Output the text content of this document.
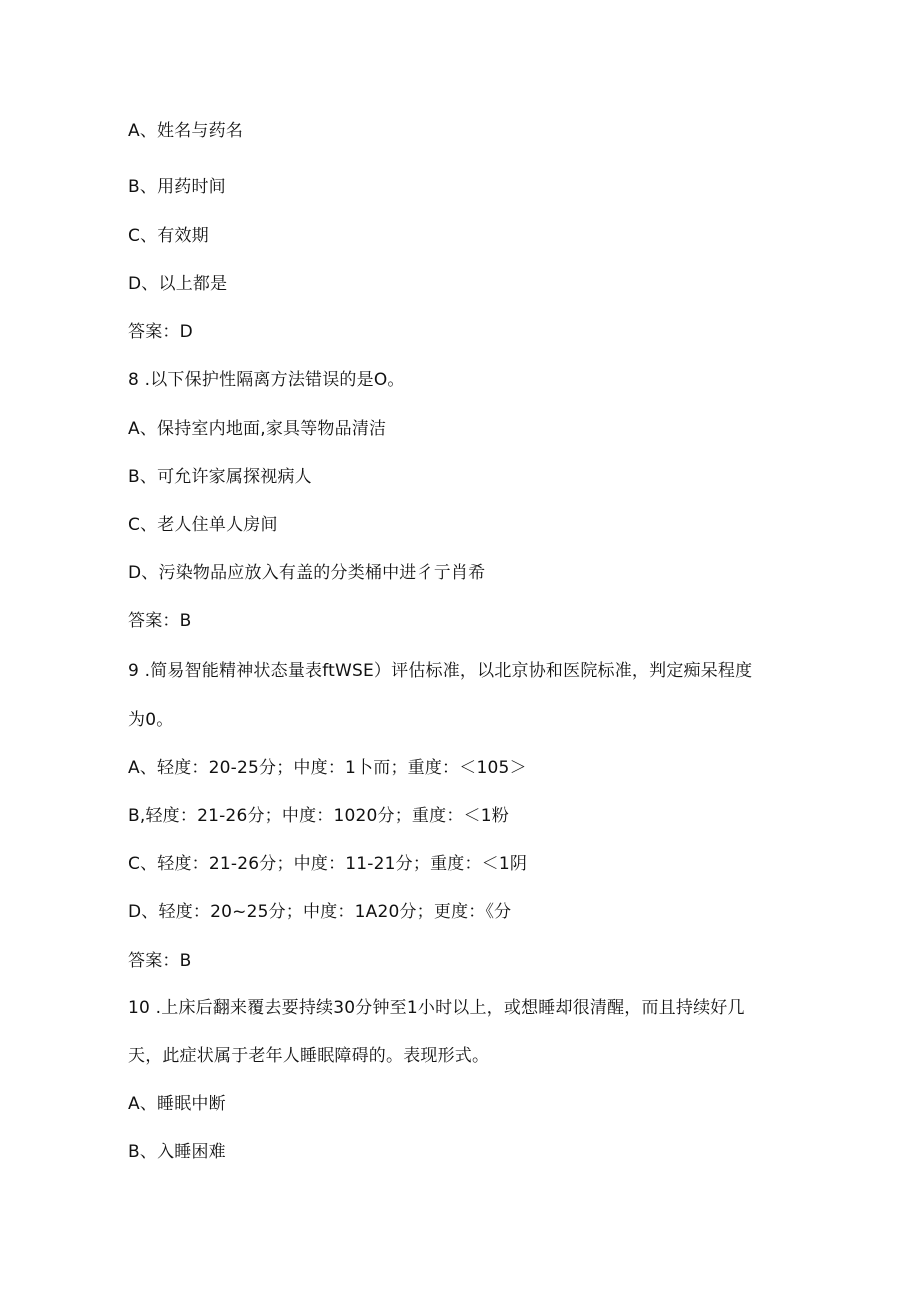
A、姓名与药名
B、用药时间
C、有效期
D、以上都是
答案：D
8 .以下保护性隔离方法错误的是O。
A、保持室内地面,家具等物品清洁
B、可允许家属探视病人
C、老人住单人房间
D、污染物品应放入有盖的分类桶中进彳亍肖希
答案：B
9 .简易智能精神状态量表ftWSE）评估标准，以北京协和医院标准，判定痴呆程度
为0。
A、轻度：20-25分；中度：1卜而；重度：＜105＞
B,轻度：21-26分；中度：1020分；重度：＜1粉
C、轻度：21-26分；中度：11-21分；重度：＜1阴
D、轻度：20~25分；中度：1A20分；更度：《分
答案：B
10 .上床后翻来覆去要持续30分钟至1小时以上，或想睡却很清醒，而且持续好几
天，此症状属于老年人睡眠障碍的。表现形式。
A、睡眠中断
B、入睡困难
